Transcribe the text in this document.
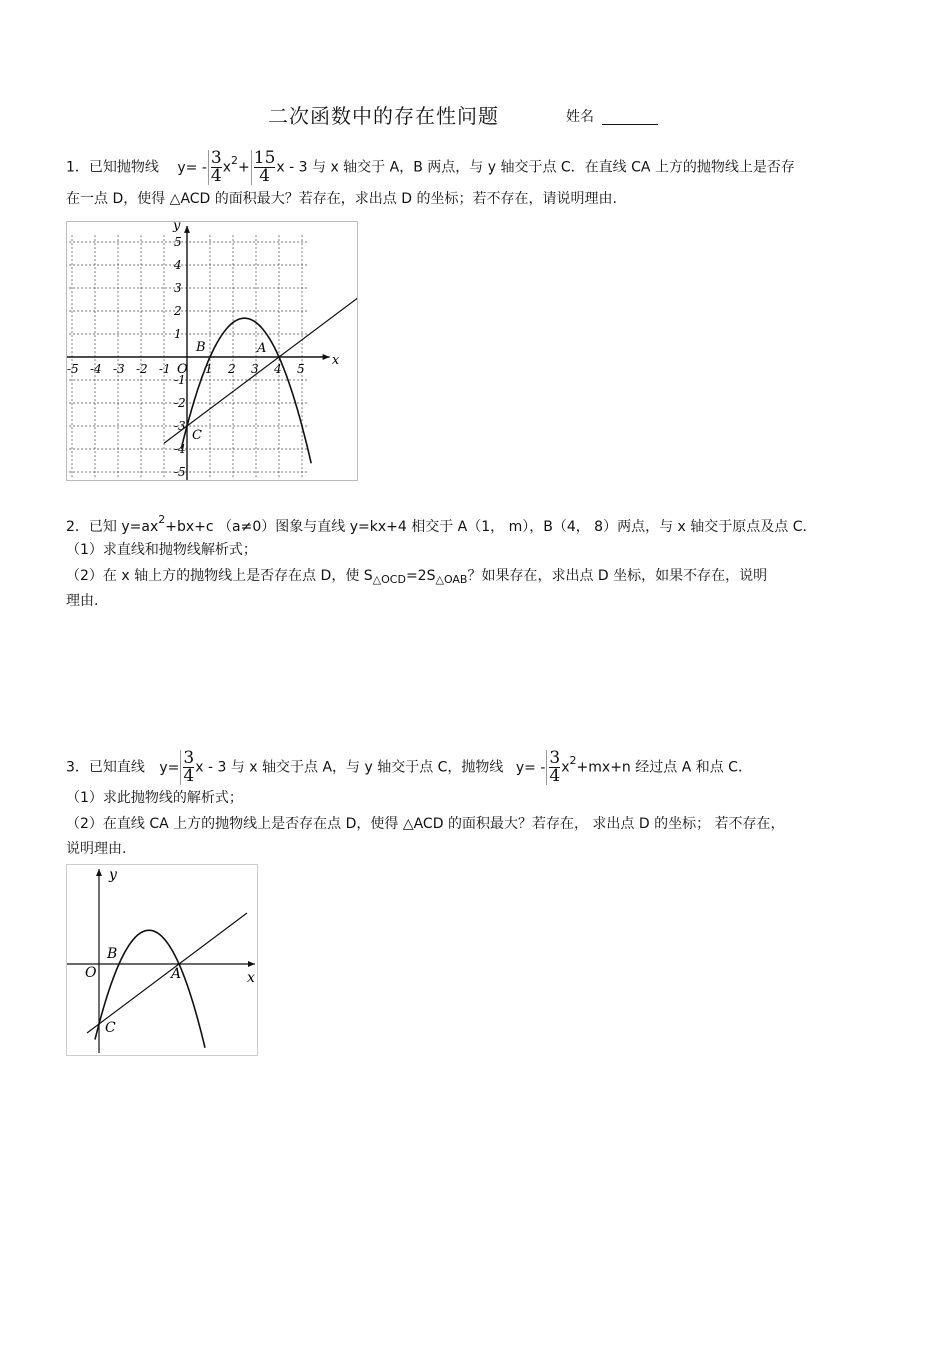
二次函数中的存在性问题	姓名
1．已知抛物线 $y= - \frac{3}{4} x^2+ \frac{15}{4}$ x - 3 与 x 轴交于 A，B 两点，与 y 轴交于点 C．在直线 CA 上方的抛物线上是否存
在一点 D，使得 △ACD 的面积最大？若存在，求出点 D 的坐标；若不存在，请说明理由.
x
y
-5 -4 -3 -2 -1	1 2 3 4 5
5
4
3
2
1
-1
-2
-3
-4
-5
O
B	A
C
2．已知 $y=ax^2+bx+c$ （a≠0）图象与直线 y=kx+4 相交于 A（1， m），B（4， 8）两点，与 x 轴交于原点及点 C．
（1）求直线和抛物线解析式；
（2）在 x 轴上方的抛物线上是否存在点 D，使 $S_{\triangle OCD}=2S_{\triangle OAB}$？如果存在，求出点 D 坐标，如果不存在，说明
理由.
3．已知直线 $y= \frac{3}{4}$ x - 3 与 x 轴交于点 A，与 y 轴交于点 C，抛物线 $y= - \frac{3}{4} x^2+mx+n$ 经过点 A 和点 C．
（1）求此抛物线的解析式；
（2）在直线 CA 上方的抛物线上是否存在点 D，使得 △ACD 的面积最大？若存在， 求出点 D 的坐标； 若不存在，
说明理由.
x
y
O
B
A
C
